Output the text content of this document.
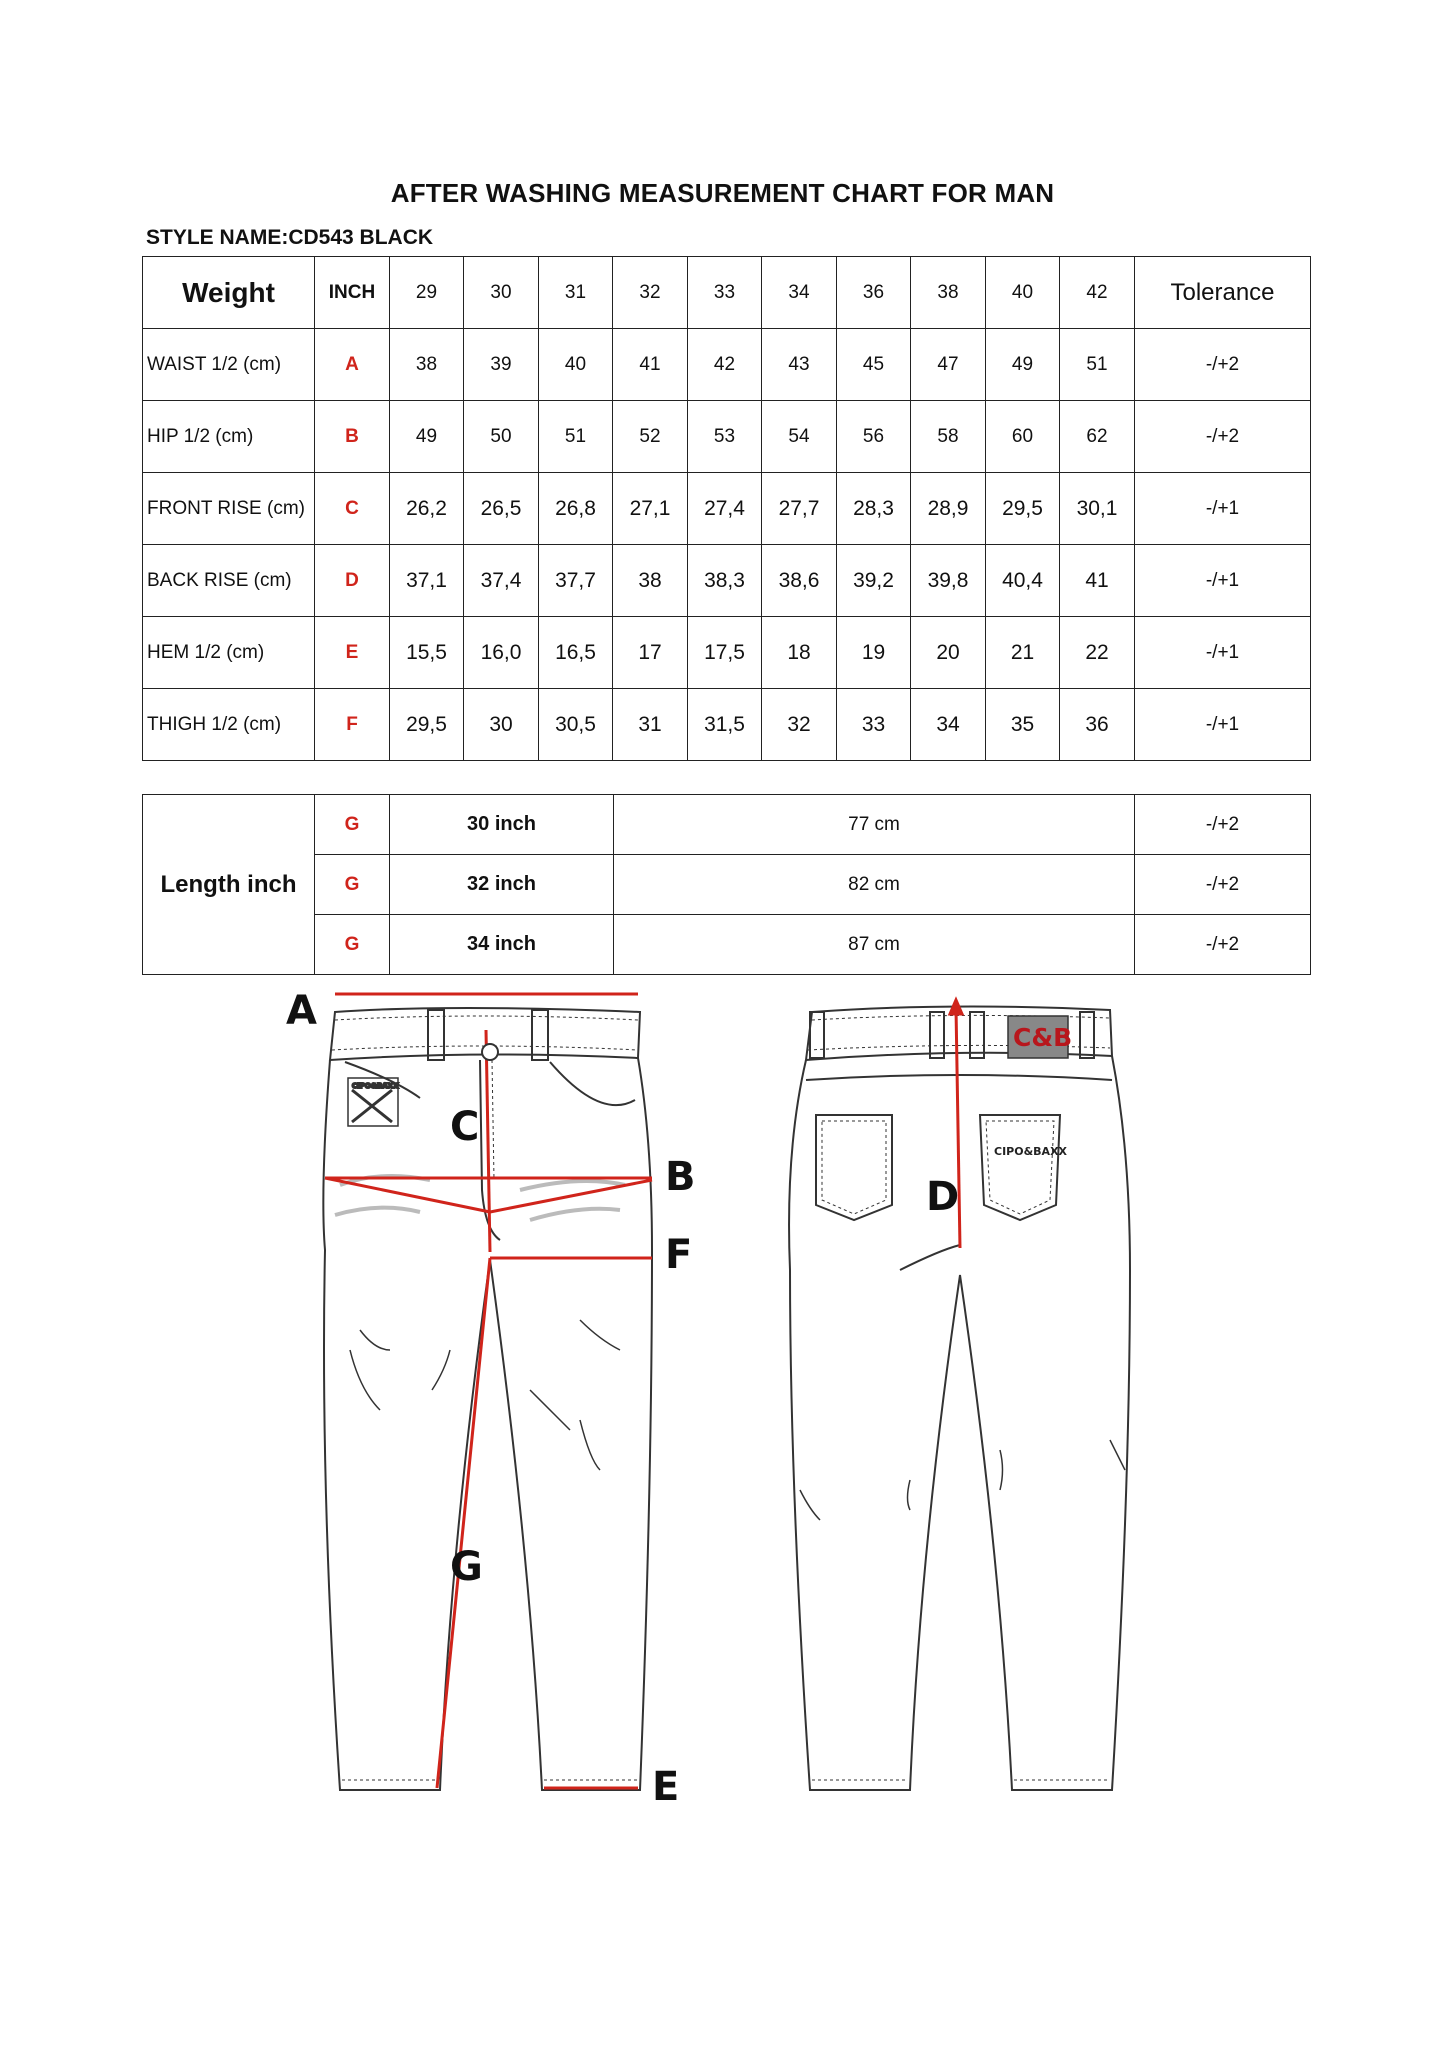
AFTER WASHING MEASUREMENT CHART FOR MAN
STYLE NAME:CD543 BLACK
Weight	INCH	29	30	31	32	33	34	36	38	40	42	Tolerance
WAIST 1/2 (cm)	A	38	39	40	41	42	43	45	47	49	51	-/+2
HIP 1/2 (cm)	B	49	50	51	52	53	54	56	58	60	62	-/+2
FRONT RISE (cm)	C	26,2	26,5	26,8	27,1	27,4	27,7	28,3	28,9	29,5	30,1	-/+1
BACK RISE (cm)	D	37,1	37,4	37,7	38	38,3	38,6	39,2	39,8	40,4	41	-/+1
HEM 1/2 (cm)	E	15,5	16,0	16,5	17	17,5	18	19	20	21	22	-/+1
THIGH 1/2 (cm)	F	29,5	30	30,5	31	31,5	32	33	34	35	36	-/+1
Length inch	G	30 inch	77 cm	-/+2
	G	32 inch	82 cm	-/+2
	G	34 inch	87 cm	-/+2
CIPO&BAXX
A
C
B
F
G
E
C&B
CIPO&BAXX
D
